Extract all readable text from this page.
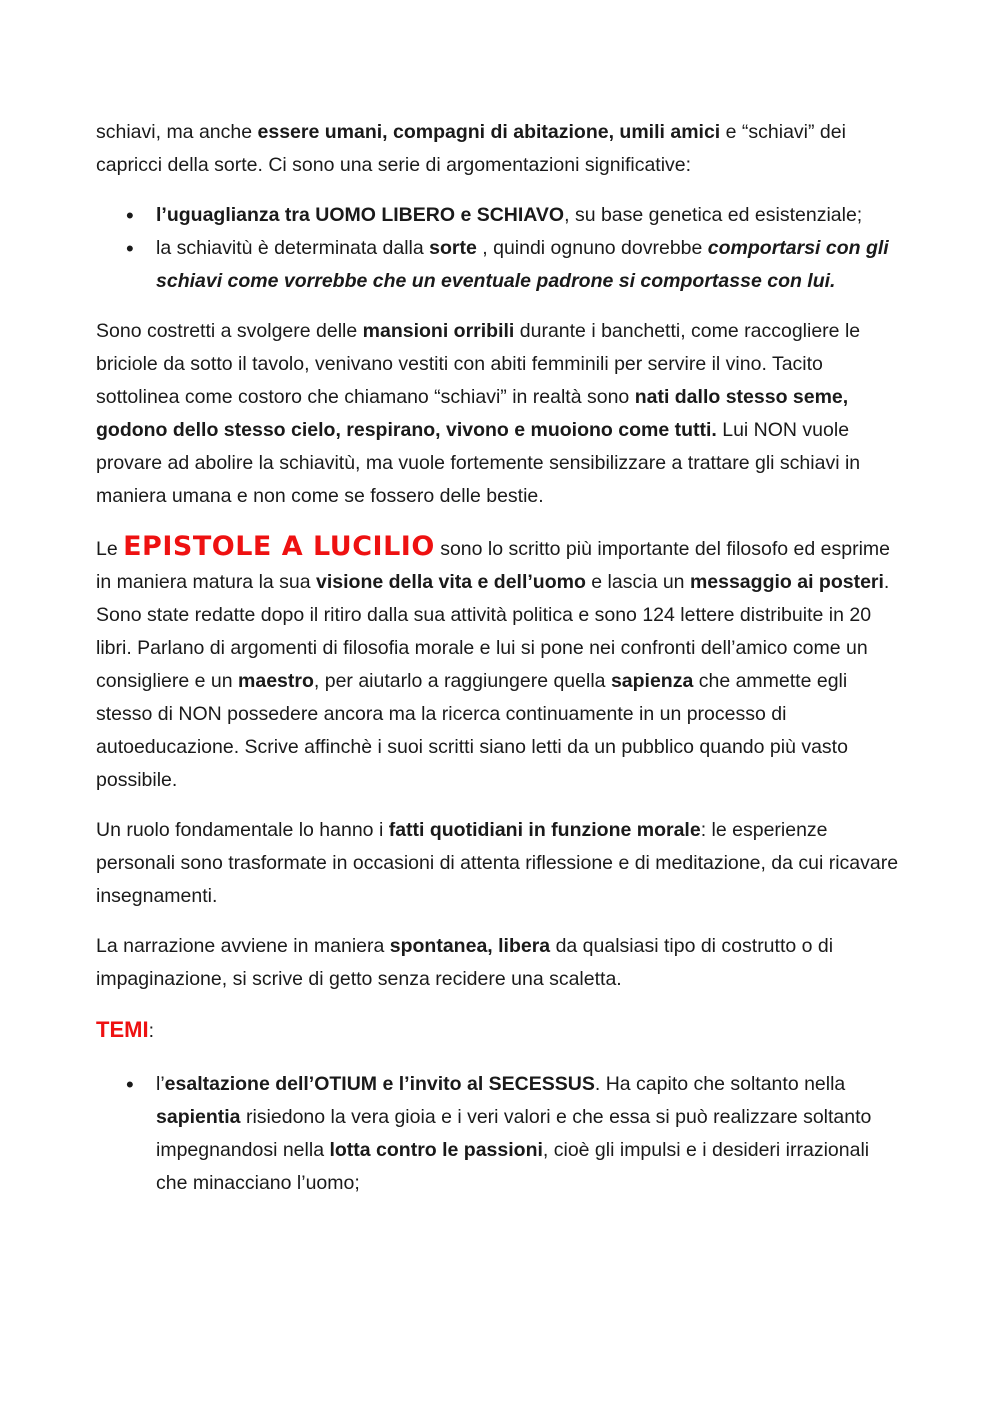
schiavi, ma anche essere umani, compagni di abitazione, umili amici e “schiavi” dei capricci della sorte. Ci sono una serie di argomentazioni significative:

• l’uguaglianza tra UOMO LIBERO e SCHIAVO, su base genetica ed esistenziale;
• la schiavitù è determinata dalla sorte , quindi ognuno dovrebbe comportarsi con gli schiavi come vorrebbe che un eventuale padrone si comportasse con lui.

Sono costretti a svolgere delle mansioni orribili durante i banchetti, come raccogliere le briciole da sotto il tavolo, venivano vestiti con abiti femminili per servire il vino. Tacito sottolinea come costoro che chiamano “schiavi” in realtà sono nati dallo stesso seme, godono dello stesso cielo, respirano, vivono e muoiono come tutti. Lui NON vuole provare ad abolire la schiavitù, ma vuole fortemente sensibilizzare a trattare gli schiavi in maniera umana e non come se fossero delle bestie.

Le EPISTOLE A LUCILIO sono lo scritto più importante del filosofo ed esprime in maniera matura la sua visione della vita e dell’uomo e lascia un messaggio ai posteri. Sono state redatte dopo il ritiro dalla sua attività politica e sono 124 lettere distribuite in 20 libri. Parlano di argomenti di filosofia morale e lui si pone nei confronti dell’amico come un consigliere e un maestro, per aiutarlo a raggiungere quella sapienza che ammette egli stesso di NON possedere ancora ma la ricerca continuamente in un processo di autoeducazione. Scrive affinchè i suoi scritti siano letti da un pubblico quando più vasto possibile.

Un ruolo fondamentale lo hanno i fatti quotidiani in funzione morale: le esperienze personali sono trasformate in occasioni di attenta riflessione e di meditazione, da cui ricavare insegnamenti.

La narrazione avviene in maniera spontanea, libera da qualsiasi tipo di costrutto o di impaginazione, si scrive di getto senza recidere una scaletta.

TEMI:

• l’esaltazione dell’OTIUM e l’invito al SECESSUS. Ha capito che soltanto nella sapientia risiedono la vera gioia e i veri valori e che essa si può realizzare soltanto impegnandosi nella lotta contro le passioni, cioè gli impulsi e i desideri irrazionali che minacciano l’uomo;
